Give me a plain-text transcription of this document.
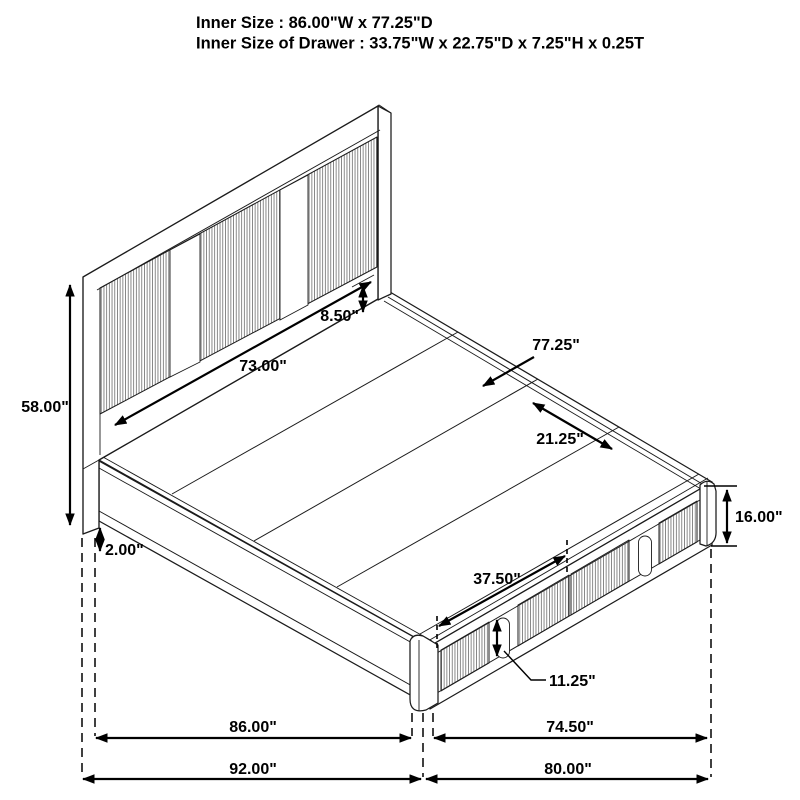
58.00"
2.00"
73.00"
8.50"
77.25"
21.25"
16.00"
37.50"
11.25"
86.00"	74.50"
92.00"	80.00"
Inner Size : 86.00"W x 77.25"D
Inner Size of Drawer : 33.75"W x 22.75"D x 7.25"H x 0.25T
